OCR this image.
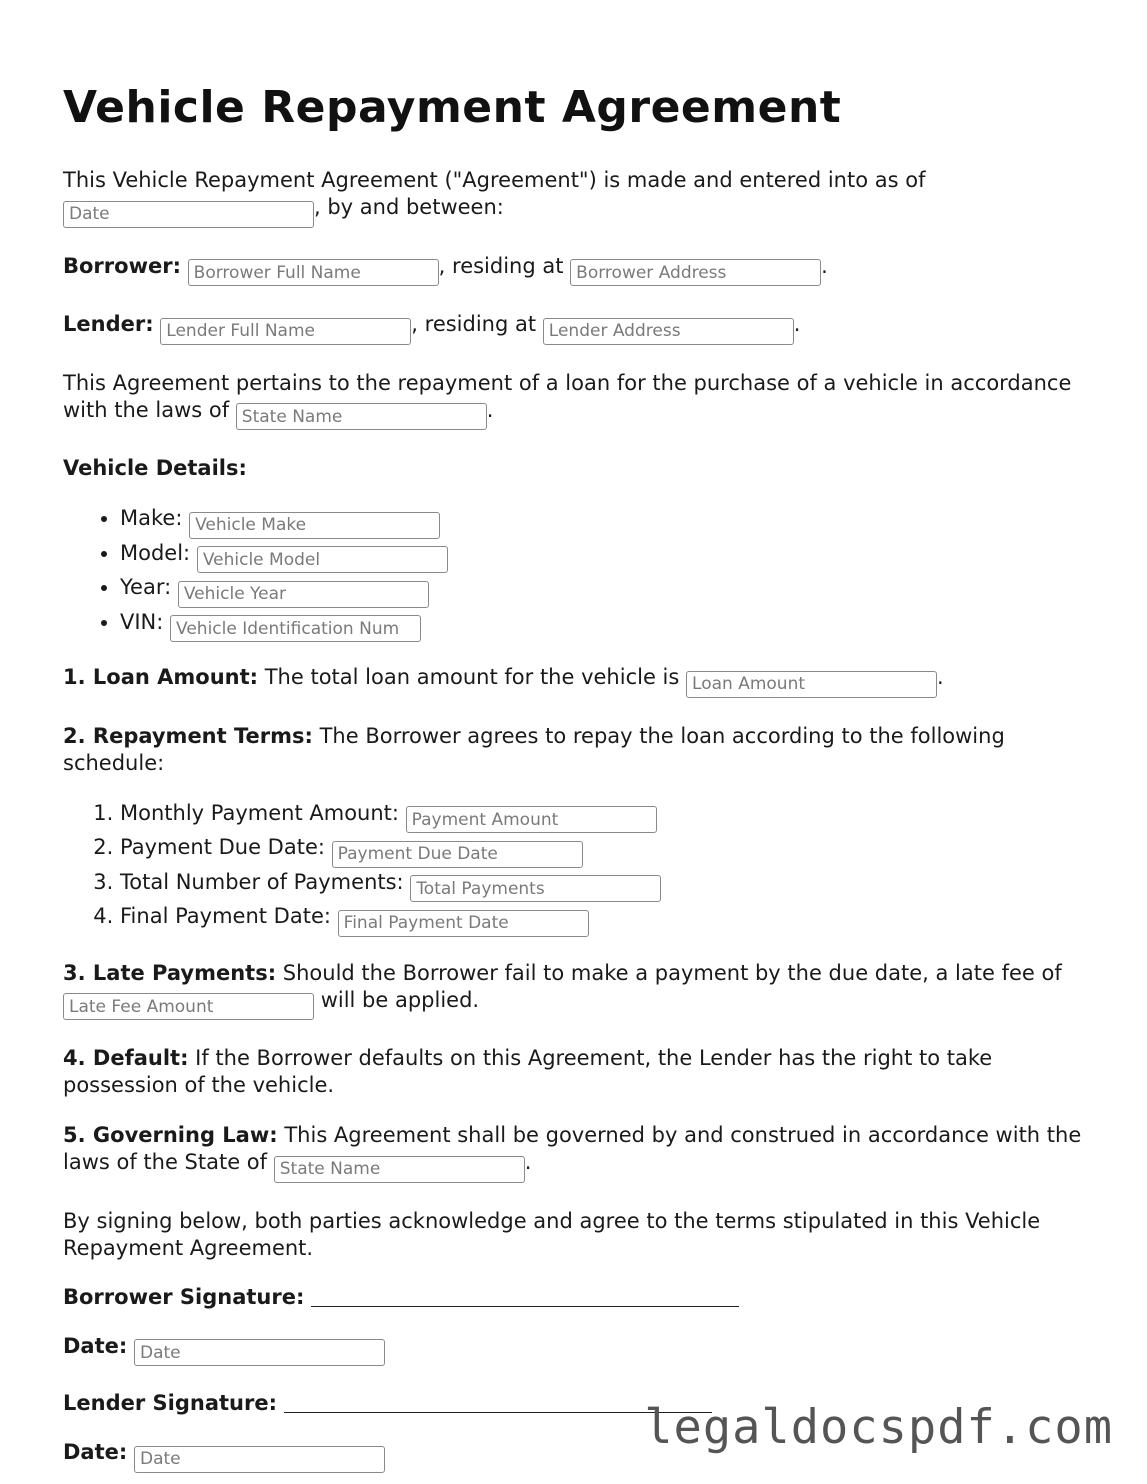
Vehicle Repayment Agreement

This Vehicle Repayment Agreement ("Agreement") is made and entered into as of
Date, by and between:

Borrower: Borrower Full Name	, residing at Borrower Address	.

Lender: Lender Full Name	, residing at Lender Address	.

This Agreement pertains to the repayment of a loan for the purchase of a vehicle in accordance with the laws of State Name	.

Vehicle Details:

• Make: Vehicle Make
• Model: Vehicle Model
• Year: Vehicle Year
• VIN: Vehicle Identification Num

1. Loan Amount: The total loan amount for the vehicle is Loan Amount	.

2. Repayment Terms: The Borrower agrees to repay the loan according to the following schedule:

1. Monthly Payment Amount: Payment Amount
2. Payment Due Date: Payment Due Date
3. Total Number of Payments: Total Payments
4. Final Payment Date: Final Payment Date

3. Late Payments: Should the Borrower fail to make a payment by the due date, a late fee of Late Fee Amount will be applied.

4. Default: If the Borrower defaults on this Agreement, the Lender has the right to take possession of the vehicle.

5. Governing Law: This Agreement shall be governed by and construed in accordance with the laws of the State of State Name	.

By signing below, both parties acknowledge and agree to the terms stipulated in this Vehicle Repayment Agreement.

Borrower Signature:

Date: Date

Lender Signature:

Date: Date	legaldocspdf.com
